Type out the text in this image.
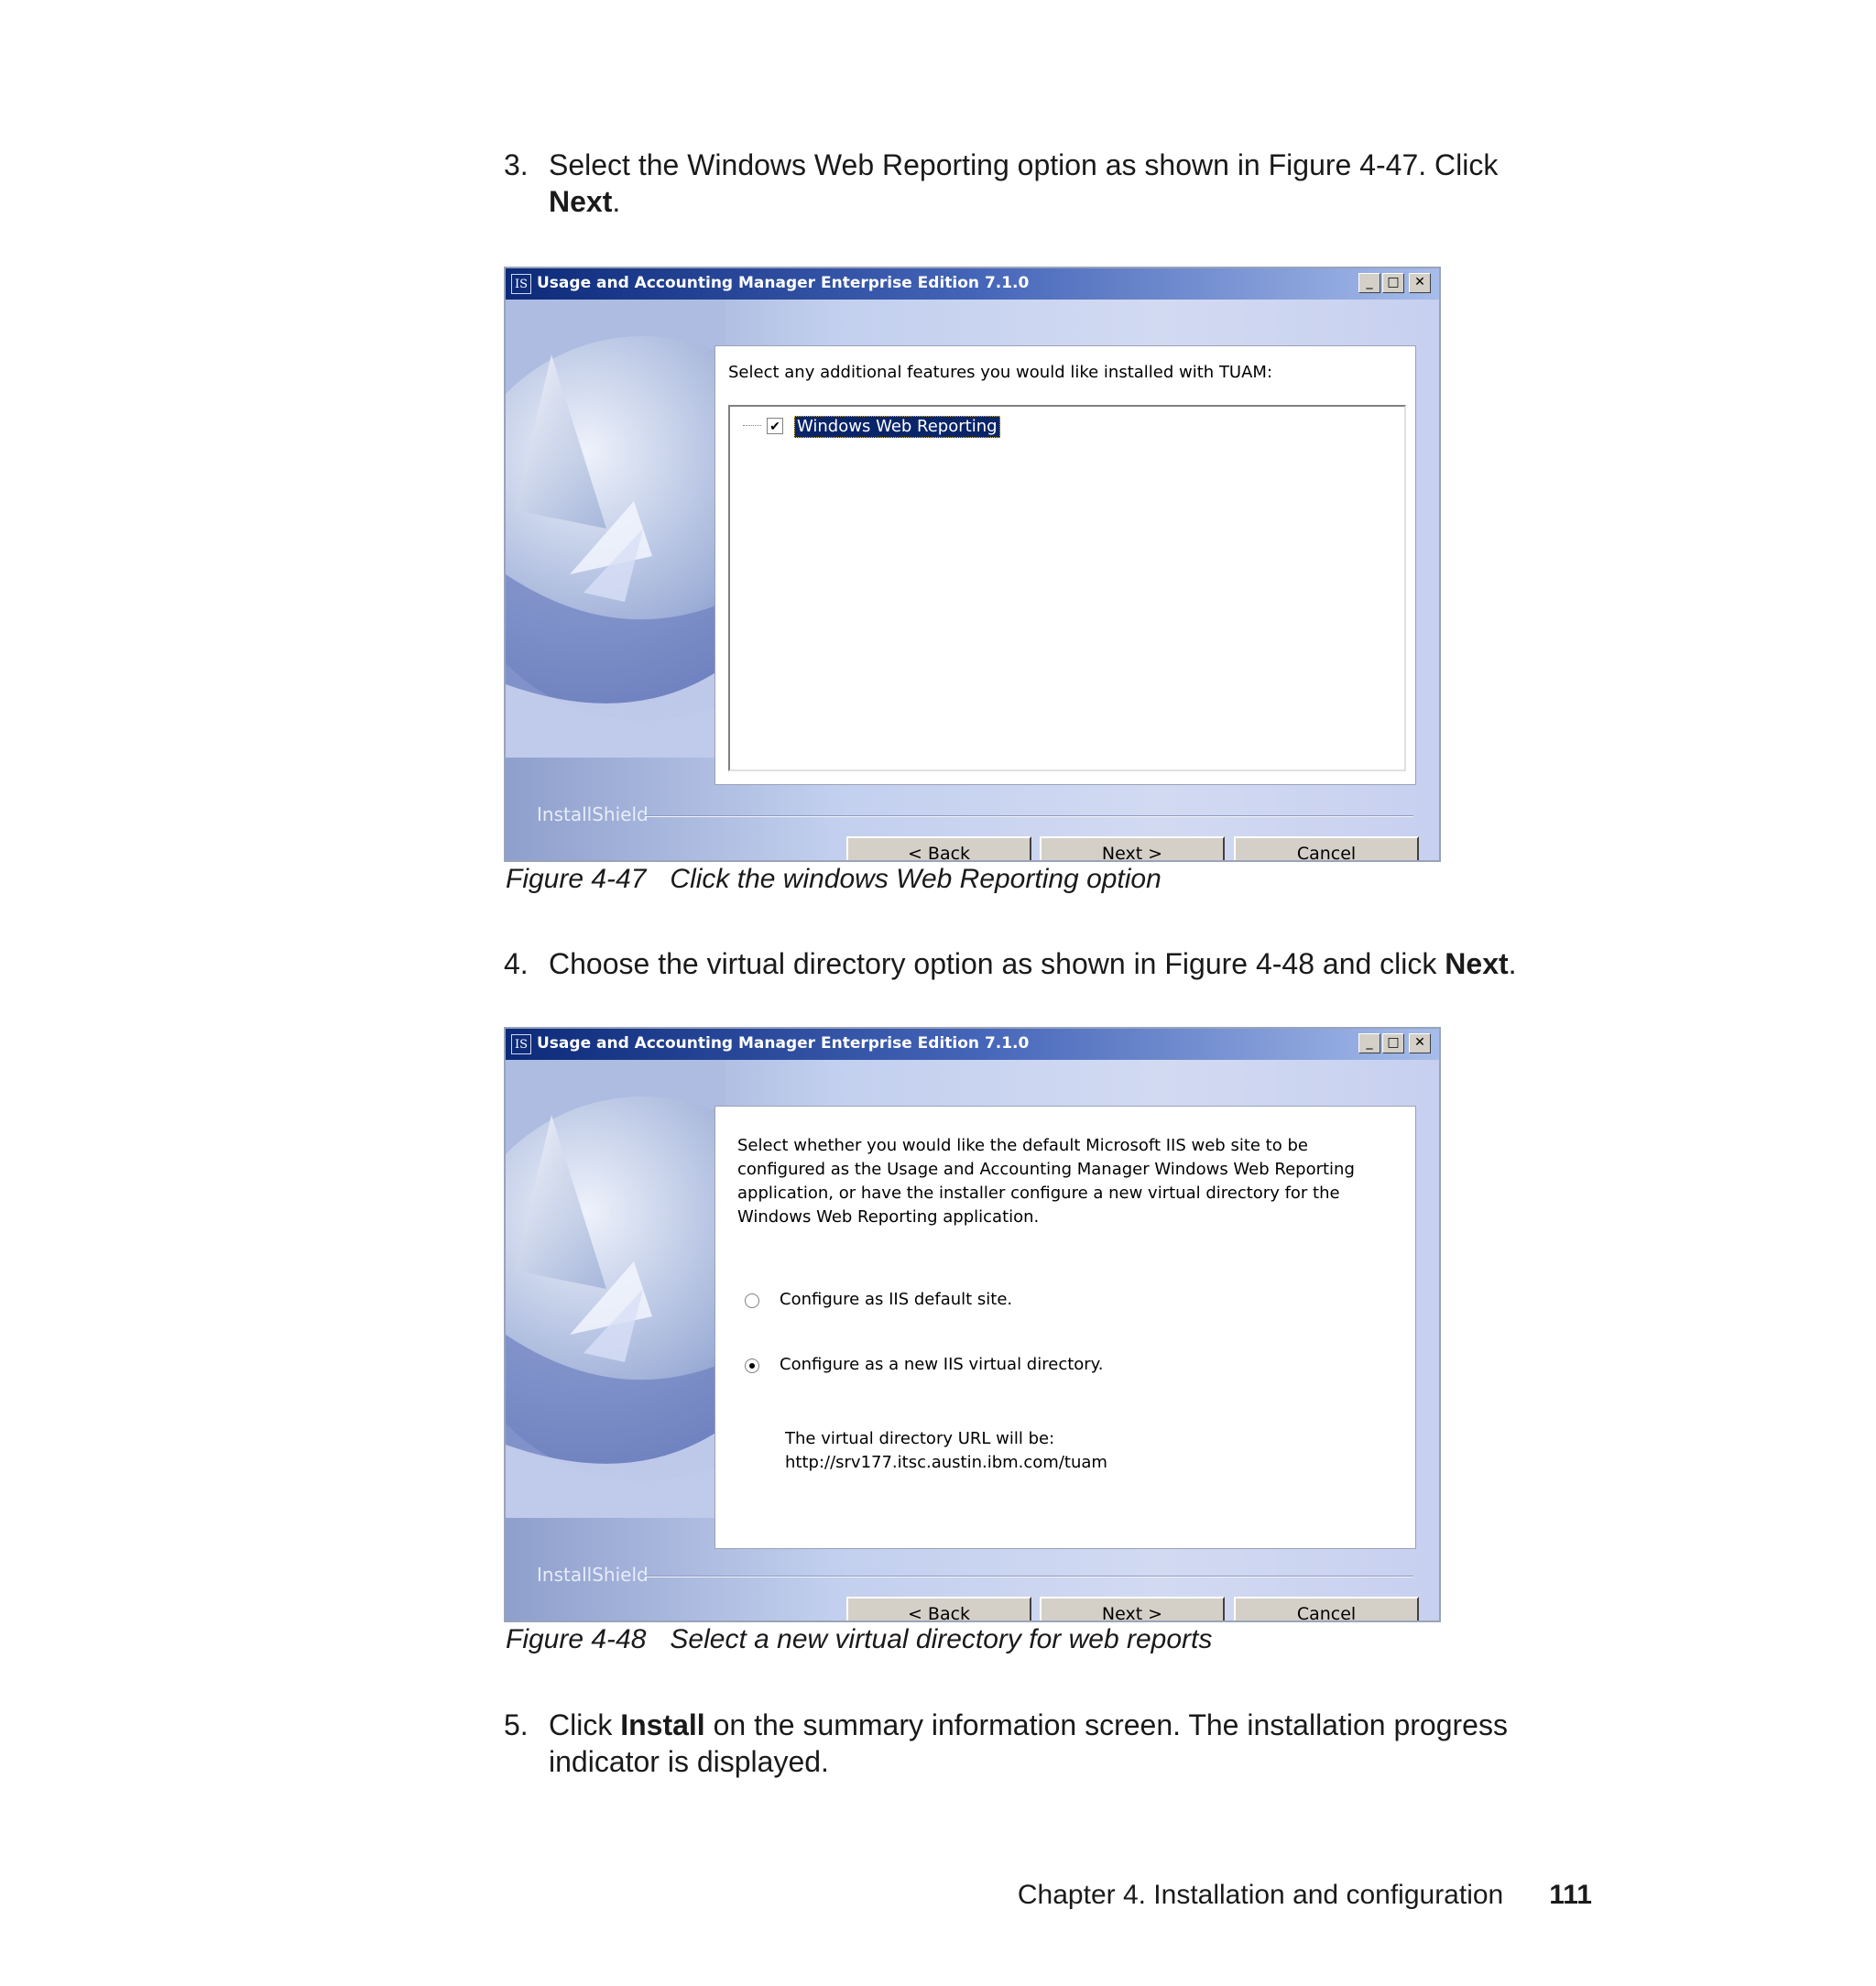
3. Select the Windows Web Reporting option as shown in Figure 4-47. Click
Next.
IS Usage and Accounting Manager Enterprise Edition 7.1.0	_	□	✕
Select any additional features you would like installed with TUAM:
✔ Windows Web Reporting
InstallShield
< Back	Next >	Cancel
Figure 4-47 Click the windows Web Reporting option
4. Choose the virtual directory option as shown in Figure 4-48 and click Next.
IS Usage and Accounting Manager Enterprise Edition 7.1.0	_	□	✕
Select whether you would like the default Microsoft IIS web site to be configured as the Usage and Accounting Manager Windows Web Reporting application, or have the installer configure a new virtual directory for the Windows Web Reporting application.
Configure as IIS default site.
Configure as a new IIS virtual directory.
The virtual directory URL will be:
http://srv177.itsc.austin.ibm.com/tuam
InstallShield
< Back	Next >	Cancel
Figure 4-48 Select a new virtual directory for web reports
5. Click Install on the summary information screen. The installation progress indicator is displayed.
Chapter 4. Installation and configuration 111
